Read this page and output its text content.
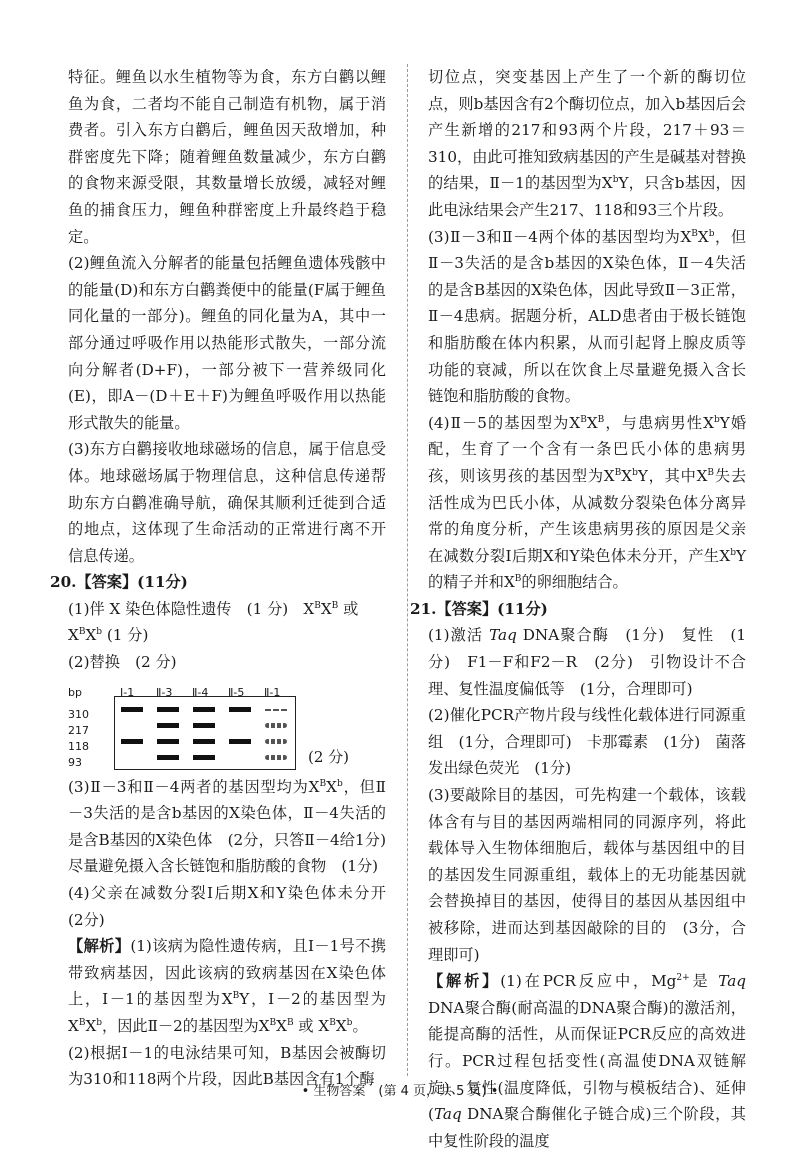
特征。鲤鱼以水生植物等为食，东方白鹳以鲤鱼为食，二者均不能自己制造有机物，属于消费者。引入东方白鹳后，鲤鱼因天敌增加，种群密度先下降；随着鲤鱼数量减少，东方白鹳的食物来源受限，其数量增长放缓，减轻对鲤鱼的捕食压力，鲤鱼种群密度上升最终趋于稳定。

(2)鲤鱼流入分解者的能量包括鲤鱼遗体残骸中的能量(D)和东方白鹳粪便中的能量(F属于鲤鱼同化量的一部分)。鲤鱼的同化量为A，其中一部分通过呼吸作用以热能形式散失，一部分流向分解者(D+F)，一部分被下一营养级同化(E)，即A－(D＋E＋F)为鲤鱼呼吸作用以热能形式散失的能量。

(3)东方白鹳接收地球磁场的信息，属于信息受体。地球磁场属于物理信息，这种信息传递帮助东方白鹳准确导航，确保其顺利迁徙到合适的地点，这体现了生命活动的正常进行离不开信息传递。

20.【答案】(11分)

(1)伴 X 染色体隐性遗传　(1 分)　$X^BX^B$ 或

$X^BX^b$ (1 分)

(2)替换　(2 分)

bp	Ⅰ-1 Ⅱ-3 Ⅱ-4 Ⅱ-5 Ⅱ-1
310
217
118
93	(2 分)

(3)Ⅱ－3和Ⅱ－4两者的基因型均为$X^BX^b$，但Ⅱ－3失活的是含b基因的X染色体，Ⅱ－4失活的是含B基因的X染色体　(2分，只答Ⅱ－4给1分)　尽量避免摄入含长链饱和脂肪酸的食物　(1分)

(4)父亲在减数分裂Ⅰ后期X和Y染色体未分开　(2分)

【解析】(1)该病为隐性遗传病，且Ⅰ－1号不携带致病基因，因此该病的致病基因在X染色体上，Ⅰ－1的基因型为$X^BY$，Ⅰ－2的基因型为$X^BX^b$，因此Ⅱ－2的基因型为$X^BX^B$ 或 $X^BX^b$。

(2)根据Ⅰ－1的电泳结果可知，B基因会被酶切为310和118两个片段，因此B基因含有1个酶

切位点，突变基因上产生了一个新的酶切位点，则b基因含有2个酶切位点，加入b基因后会产生新增的217和93两个片段，217＋93＝310，由此可推知致病基因的产生是碱基对替换的结果，Ⅱ－1的基因型为$X^bY$，只含b基因，因此电泳结果会产生217、118和93三个片段。

(3)Ⅱ－3和Ⅱ－4两个体的基因型均为$X^BX^b$，但Ⅱ－3失活的是含b基因的X染色体，Ⅱ－4失活的是含B基因的X染色体，因此导致Ⅱ－3正常，Ⅱ－4患病。据题分析，ALD患者由于极长链饱和脂肪酸在体内积累，从而引起肾上腺皮质等功能的衰减，所以在饮食上尽量避免摄入含长链饱和脂肪酸的食物。

(4)Ⅱ－5的基因型为$X^BX^B$，与患病男性$X^bY$婚配，生育了一个含有一条巴氏小体的患病男孩，则该男孩的基因型为$X^BX^bY$，其中$X^B$失去活性成为巴氏小体，从减数分裂染色体分离异常的角度分析，产生该患病男孩的原因是父亲在减数分裂Ⅰ后期X和Y染色体未分开，产生$X^bY$的精子并和$X^B$的卵细胞结合。

21.【答案】(11分)

(1)激活 Taq DNA聚合酶　(1分)　复性　(1分)　F1－F和F2－R　(2分)　引物设计不合理、复性温度偏低等　(1分，合理即可)

(2)催化PCR产物片段与线性化载体进行同源重组　(1分，合理即可)　卡那霉素　(1分)　菌落发出绿色荧光　(1分)

(3)要敲除目的基因，可先构建一个载体，该载体含有与目的基因两端相同的同源序列，将此载体导入生物体细胞后，载体与基因组中的目的基因发生同源重组，载体上的无功能基因就会替换掉目的基因，使得目的基因从基因组中被移除，进而达到基因敲除的目的　(3分，合理即可)

【解析】(1)在PCR反应中，$Mg^{2+}$是 Taq DNA聚合酶(耐高温的DNA聚合酶)的激活剂，能提高酶的活性，从而保证PCR反应的高效进行。PCR过程包括变性(高温使DNA双链解旋)、复性(温度降低，引物与模板结合)、延伸(Taq DNA聚合酶催化子链合成)三个阶段，其中复性阶段的温度

• 生物答案　(第 4 页，共 5 页) •
